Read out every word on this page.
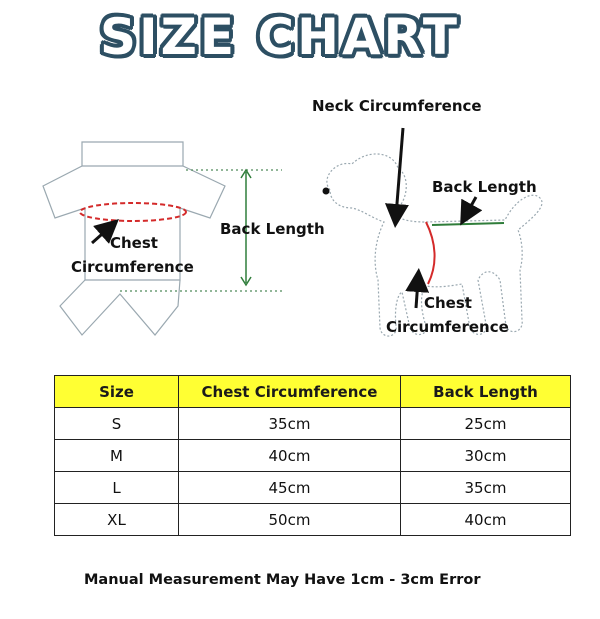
SIZE CHART
Back Length
Chest
Circumference
Neck Circumference
Back Length
Chest
Circumference
Size	Chest Circumference	Back Length
S	35cm	25cm
M	40cm	30cm
L	45cm	35cm
XL	50cm	40cm
Manual Measurement May Have 1cm - 3cm Error
